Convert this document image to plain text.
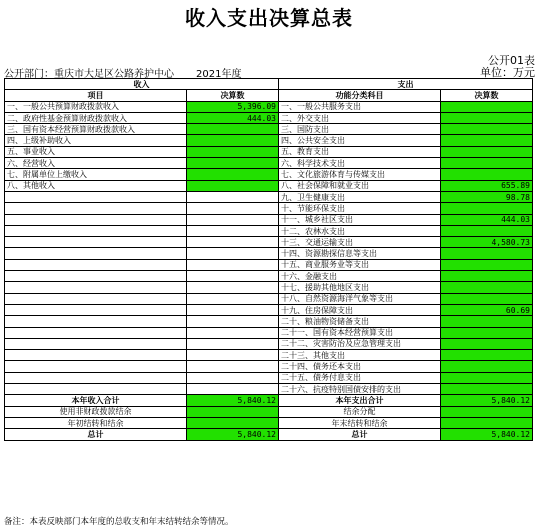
收入支出决算总表
公开01表
公开部门：重庆市大足区公路养护中心 2021年度	单位：万元
收入		支出	
项目	决算数	功能分类科目	决算数
一、一般公共预算财政拨款收入	5,396.09	一、一般公共服务支出	
二、政府性基金预算财政拨款收入	444.03	二、外交支出	
三、国有资本经营预算财政拨款收入		三、国防支出	
四、上级补助收入		四、公共安全支出	
五、事业收入		五、教育支出	
六、经营收入		六、科学技术支出	
七、附属单位上缴收入		七、文化旅游体育与传媒支出	
八、其他收入		八、社会保障和就业支出	655.89
		九、卫生健康支出	98.78
		十、节能环保支出	
		十一、城乡社区支出	444.03
		十二、农林水支出	
		十三、交通运输支出	4,580.73
		十四、资源勘探信息等支出	
		十五、商业服务业等支出	
		十六、金融支出	
		十七、援助其他地区支出	
		十八、自然资源海洋气象等支出	
		十九、住房保障支出	60.69
		二十、粮油物资储备支出	
		二十一、国有资本经营预算支出	
		二十二、灾害防治及应急管理支出	
		二十三、其他支出	
		二十四、债务还本支出	
		二十五、债务付息支出	
		二十六、抗疫特别国债安排的支出	
本年收入合计	5,840.12	本年支出合计	5,840.12
使用非财政拨款结余		结余分配	
年初结转和结余		年末结转和结余	
总计	5,840.12	总计	5,840.12
备注：本表反映部门本年度的总收支和年末结转结余等情况。
